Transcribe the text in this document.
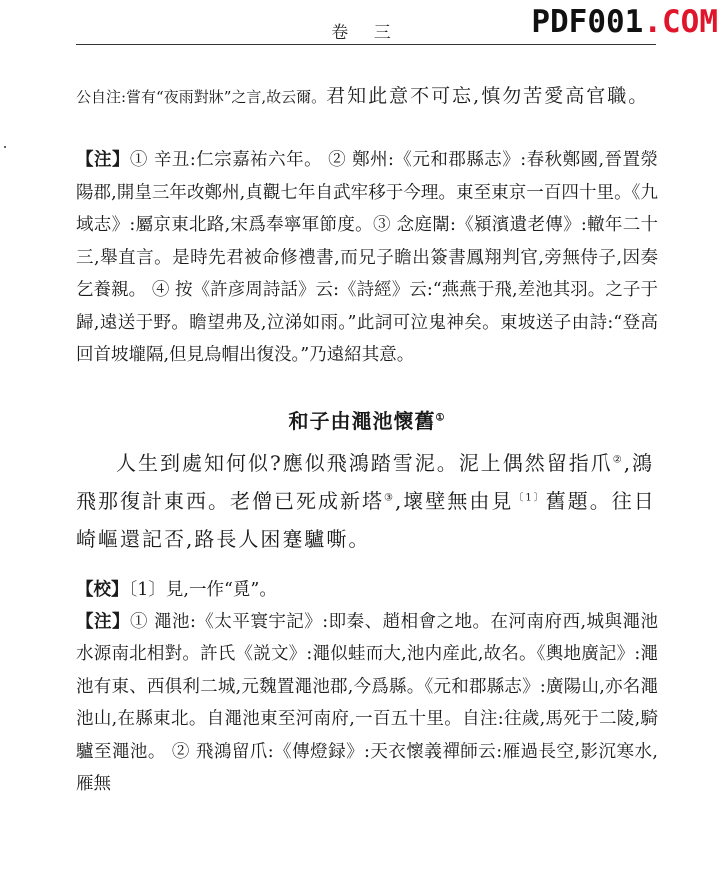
卷 三	PDF001.COM

公自注:嘗有“夜雨對牀”之言,故云爾。君知此意不可忘,慎勿苦愛高官職。

【注】① 辛丑:仁宗嘉祐六年。 ② 鄭州:《元和郡縣志》:春秋鄭國,晉置滎陽郡,開皇三年改鄭州,貞觀七年自武牢移于今理。東至東京一百四十里。《九域志》:屬京東北路,宋爲奉寧軍節度。③ 念庭闈:《潁濱遺老傳》:轍年二十三,舉直言。是時先君被命修禮書,而兄子瞻出簽書鳳翔判官,旁無侍子,因奏乞養親。 ④ 按《許彦周詩話》云:《詩經》云:“燕燕于飛,差池其羽。之子于歸,遠送于野。瞻望弗及,泣涕如雨。”此詞可泣鬼神矣。東坡送子由詩:“登高回首坡壠隔,但見烏帽出復没。”乃遠紹其意。

和子由澠池懷舊①

人生到處知何似?應似飛鴻踏雪泥。泥上偶然留指爪②,鴻飛那復計東西。老僧已死成新塔③,壞壁無由見$^{〔1〕}$舊題。往日崎嶇還記否,路長人困蹇驢嘶。

【校】〔1〕見,一作“覓”。

【注】① 澠池:《太平寰宇記》:即秦、趙相會之地。在河南府西,城與澠池水源南北相對。許氏《説文》:澠似蛙而大,池内産此,故名。《輿地廣記》:澠池有東、西俱利二城,元魏置澠池郡,今爲縣。《元和郡縣志》:廣陽山,亦名澠池山,在縣東北。自澠池東至河南府,一百五十里。自注:往歲,馬死于二陵,騎驢至澠池。 ② 飛鴻留爪:《傳燈録》:天衣懷義禪師云:雁過長空,影沉寒水,雁無
